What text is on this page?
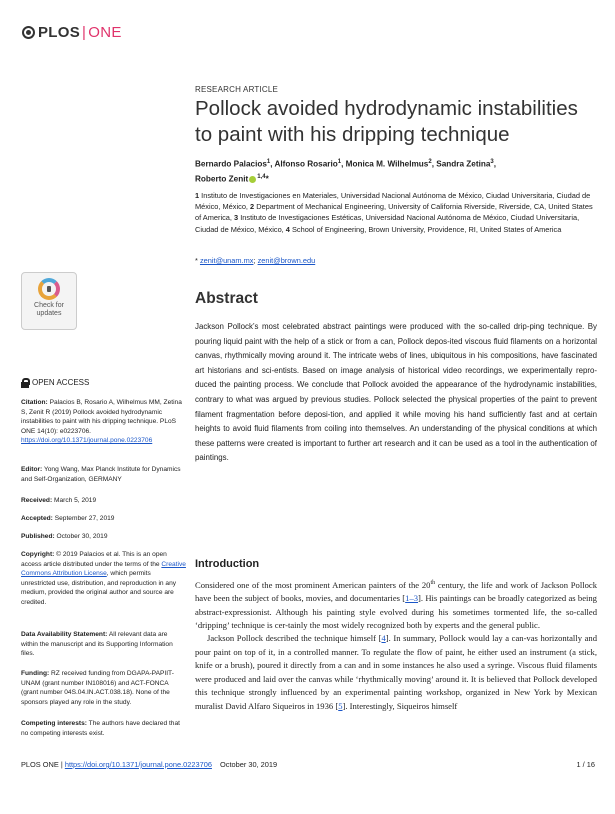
PLOS | ONE
RESEARCH ARTICLE
Pollock avoided hydrodynamic instabilities to paint with his dripping technique
Bernardo Palacios$^1$, Alfonso Rosario$^1$, Monica M. Wilhelmus$^2$, Sandra Zetina$^3$,
Roberto Zenit $^{1,4}$*
1 Instituto de Investigaciones en Materiales, Universidad Nacional Autónoma de México, Ciudad Universitaria, Ciudad de México, México, 2 Department of Mechanical Engineering, University of California Riverside, Riverside, CA, United States of America, 3 Instituto de Investigaciones Estéticas, Universidad Nacional Autónoma de México, Ciudad Universitaria, Ciudad de México, México, 4 School of Engineering, Brown University, Providence, RI, United States of America
* zenit@unam.mx; zenit@brown.edu
Check for
updates
Abstract

Jackson Pollock’s most celebrated abstract paintings were produced with the so-called drip-ping technique. By pouring liquid paint with the help of a stick or from a can, Pollock depos-ited viscous fluid filaments on a horizontal canvas, rhythmically moving around it. The intricate webs of lines, ubiquitous in his compositions, have fascinated art historians and sci-entists. Based on image analysis of historical video recordings, we experimentally repro-duced the painting process. We conclude that Pollock avoided the appearance of the hydrodynamic instabilities, contrary to what was argued by previous studies. Pollock selected the physical properties of the paint to prevent filament fragmentation before deposi-tion, and applied it while moving his hand sufficiently fast and at certain heights to avoid fluid filaments from coiling into themselves. An understanding of the physical conditions at which these patterns were created is important to further art research and it can be used as a tool in the authentication of paintings.

OPEN ACCESS
Citation: Palacios B, Rosario A, Wilhelmus MM, Zetina S, Zenit R (2019) Pollock avoided hydrodynamic instabilities to paint with his dripping technique. PLoS ONE 14(10): e0223706. https://doi.org/10.1371/journal.pone.0223706
Editor: Yong Wang, Max Planck Institute for Dynamics and Self-Organization, GERMANY
Received: March 5, 2019
Accepted: September 27, 2019
Published: October 30, 2019
Copyright: © 2019 Palacios et al. This is an open access article distributed under the terms of the Creative Commons Attribution License, which permits unrestricted use, distribution, and reproduction in any medium, provided the original author and source are credited.
Data Availability Statement: All relevant data are within the manuscript and its Supporting Information files.
Funding: RZ received funding from DGAPA-PAPIIT-UNAM (grant number IN108016) and ACT-FONCA (grant number 04S.04.IN.ACT.038.18). None of the sponsors played any role in the study.
Competing interests: The authors have declared that no competing interests exist.
Introduction

Considered one of the most prominent American painters of the 20th century, the life and work of Jackson Pollock have been the subject of books, movies, and documentaries [1–3]. His paintings can be broadly categorized as being abstract-expressionist. Although his painting style evolved during his sometimes tormented life, the so-called ‘dripping’ technique is cer-tainly the most widely recognized both by experts and the general public.

Jackson Pollock described the technique himself [4]. In summary, Pollock would lay a can-vas horizontally and pour paint on top of it, in a controlled manner. To regulate the flow of paint, he either used an instrument (a stick, knife or a brush), poured it directly from a can and in some instances he also used a syringe. Viscous fluid filaments were produced and laid over the canvas while ‘rhythmically moving’ around it. It is believed that Pollock developed this technique strongly influenced by an experimental painting workshop, organized in New York by Mexican muralist David Alfaro Siqueiros in 1936 [5]. Interestingly, Siqueiros himself

PLOS ONE | https://doi.org/10.1371/journal.pone.0223706 October 30, 2019	1 / 16
